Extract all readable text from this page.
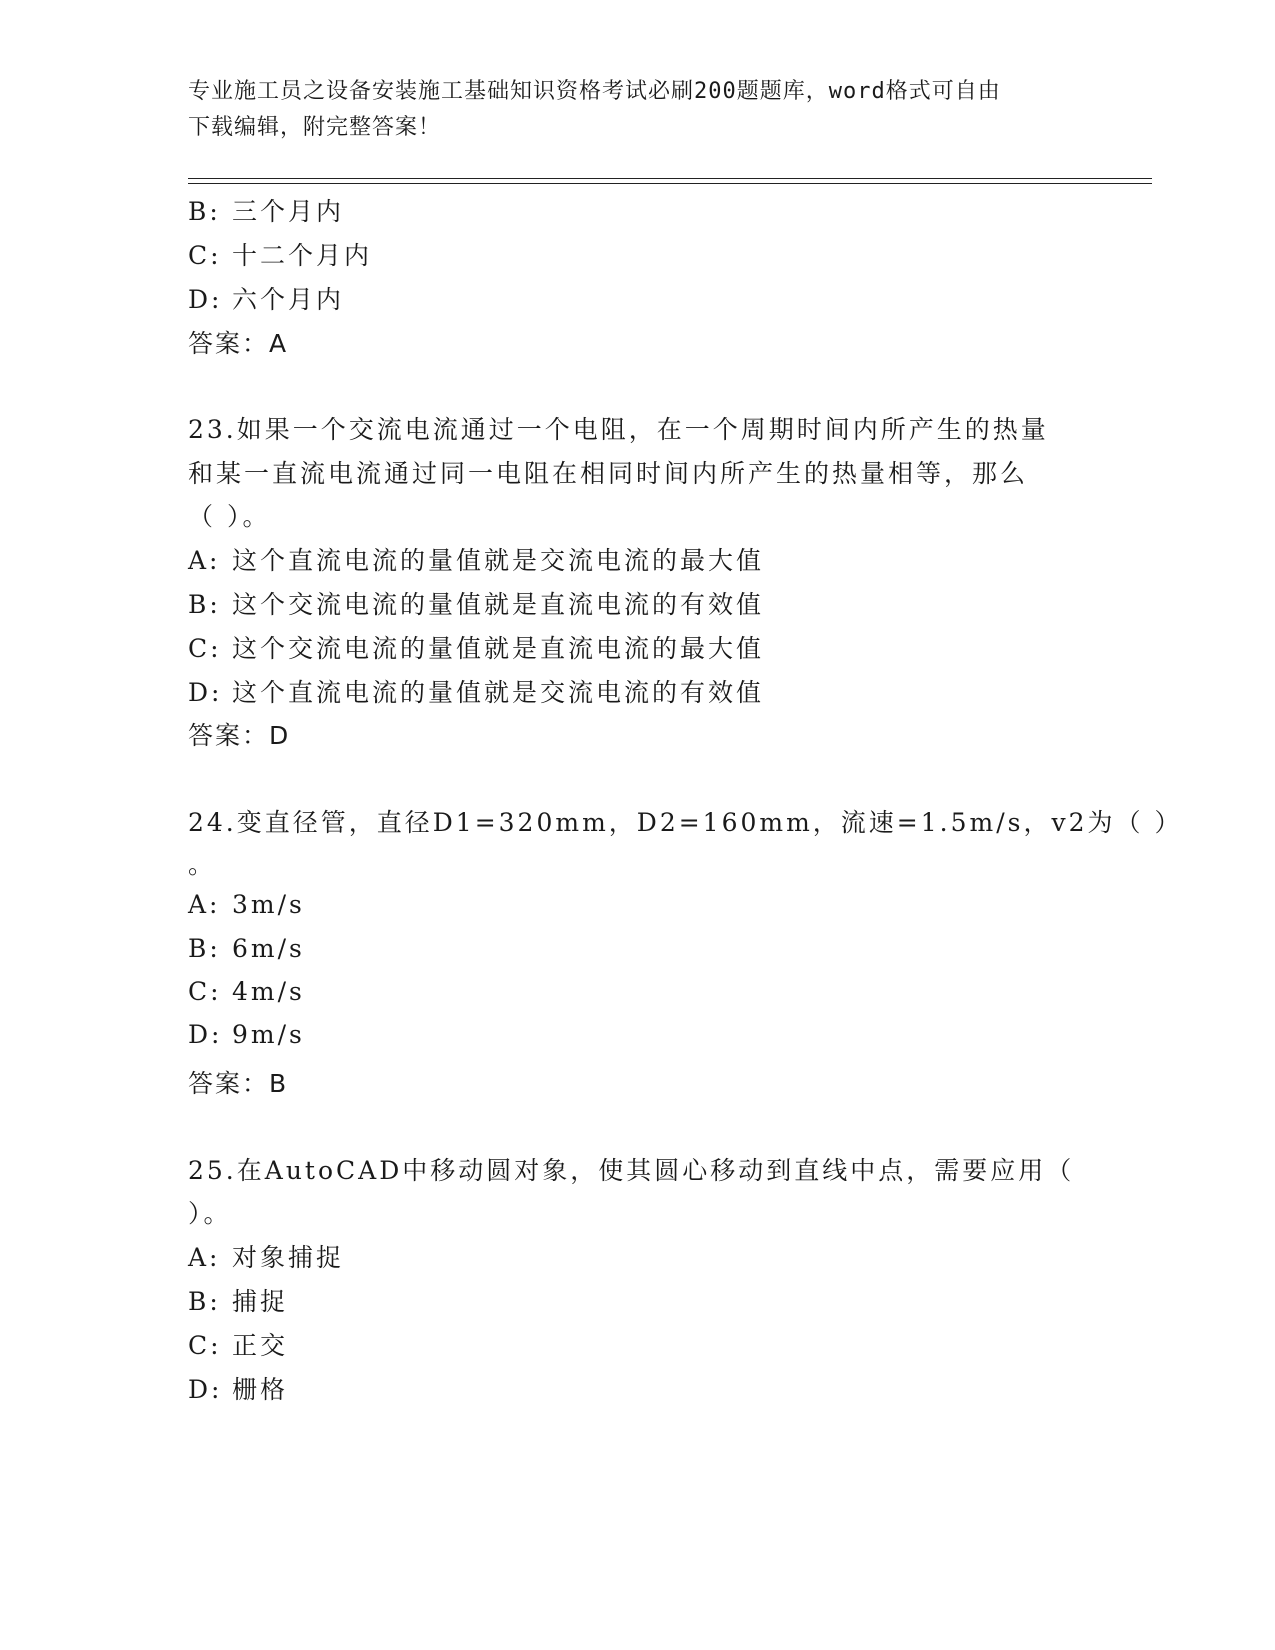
专业施工员之设备安装施工基础知识资格考试必刷200题题库，word格式可自由
下载编辑，附完整答案！
B: 三个月内
C: 十二个月内
D: 六个月内
答案：A
23.如果一个交流电流通过一个电阻，在一个周期时间内所产生的热量
和某一直流电流通过同一电阻在相同时间内所产生的热量相等，那么
（ ）。
A: 这个直流电流的量值就是交流电流的最大值
B: 这个交流电流的量值就是直流电流的有效值
C: 这个交流电流的量值就是直流电流的最大值
D: 这个直流电流的量值就是交流电流的有效值
答案：D
24.变直径管，直径D1=320mm，D2=160mm，流速=1.5m/s，v2为（ ）
。
A: 3m/s
B: 6m/s
C: 4m/s
D: 9m/s
答案：B
25.在AutoCAD中移动圆对象，使其圆心移动到直线中点，需要应用（
）。
A: 对象捕捉
B: 捕捉
C: 正交
D: 栅格
